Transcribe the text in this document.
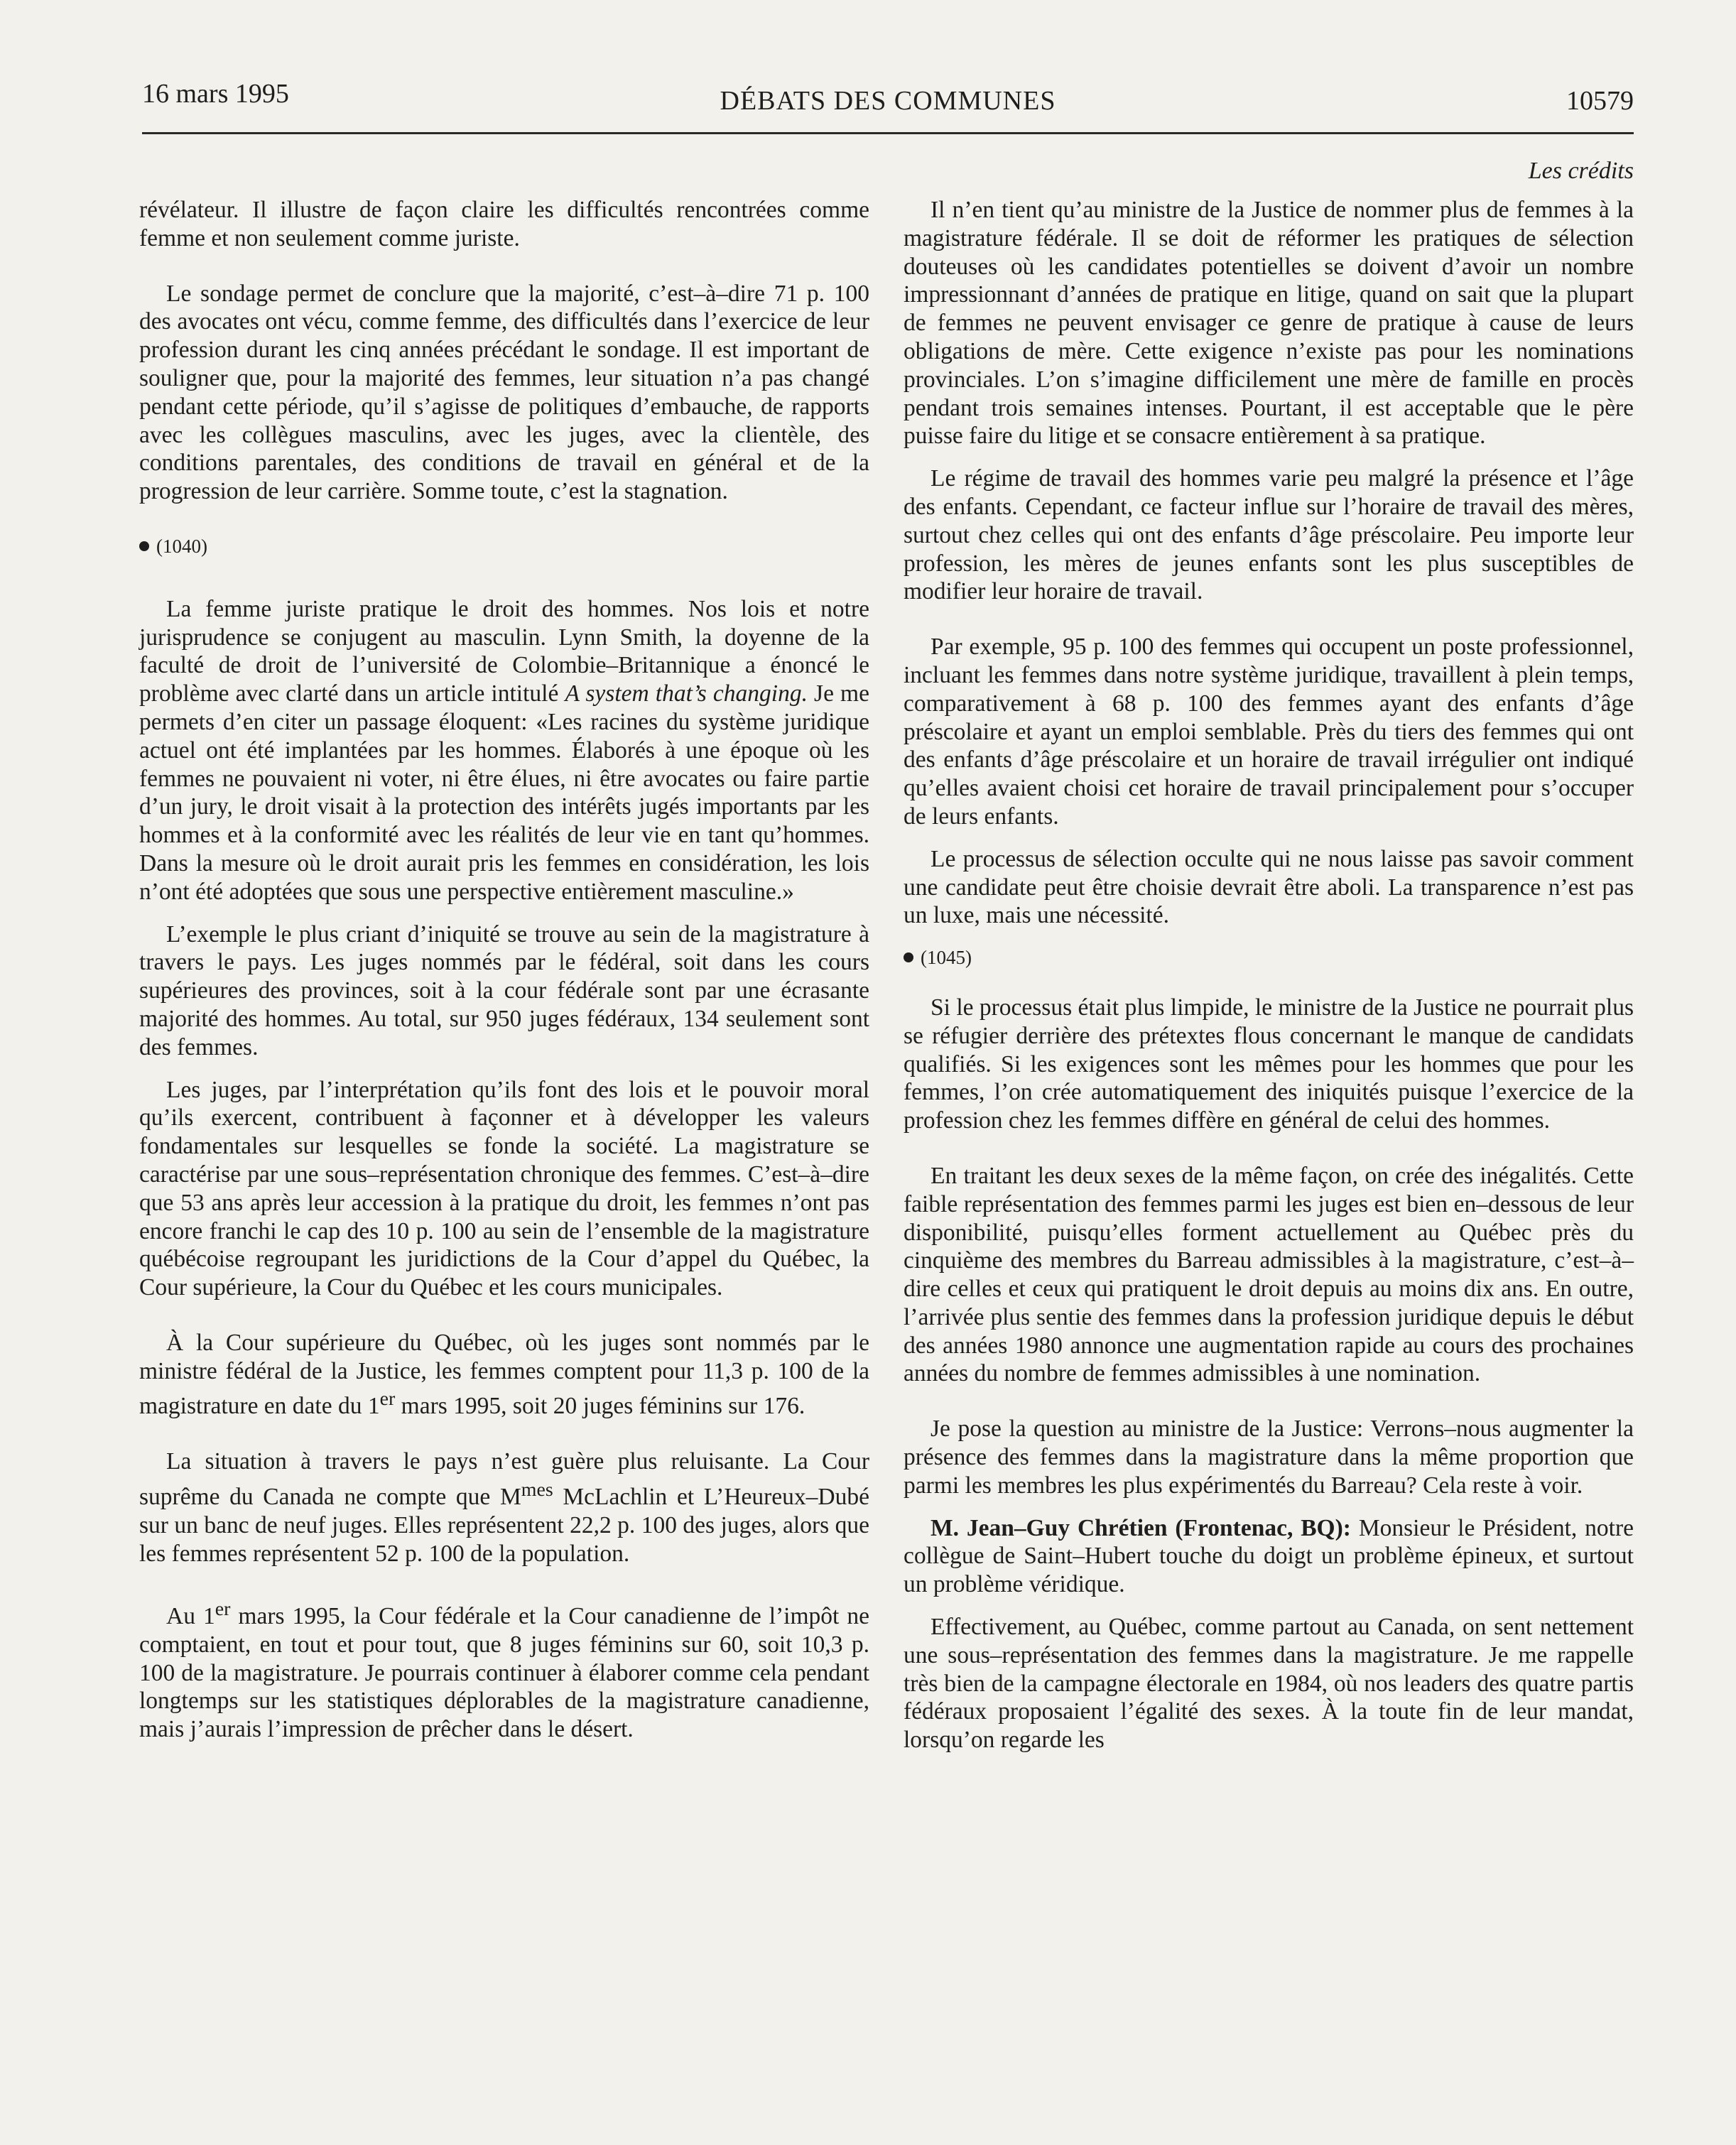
16 mars 1995	DÉBATS DES COMMUNES	10579
Les crédits

révélateur. Il illustre de façon claire les difficultés rencontrées comme femme et non seulement comme juriste.

Le sondage permet de conclure que la majorité, c’est–à–dire 71 p. 100 des avocates ont vécu, comme femme, des difficultés dans l’exercice de leur profession durant les cinq années précédant le sondage. Il est important de souligner que, pour la majorité des femmes, leur situation n’a pas changé pendant cette période, qu’il s’agisse de politiques d’embauche, de rapports avec les collègues masculins, avec les juges, avec la clientèle, des conditions parentales, des conditions de travail en général et de la progression de leur carrière. Somme toute, c’est la stagnation.

(1040)

La femme juriste pratique le droit des hommes. Nos lois et notre jurisprudence se conjugent au masculin. Lynn Smith, la doyenne de la faculté de droit de l’université de Colombie–Britannique a énoncé le problème avec clarté dans un article intitulé A system that’s changing. Je me permets d’en citer un passage éloquent: «Les racines du système juridique actuel ont été implantées par les hommes. Élaborés à une époque où les femmes ne pouvaient ni voter, ni être élues, ni être avocates ou faire partie d’un jury, le droit visait à la protection des intérêts jugés importants par les hommes et à la conformité avec les réalités de leur vie en tant qu’hommes. Dans la mesure où le droit aurait pris les femmes en considération, les lois n’ont été adoptées que sous une perspective entièrement masculine.»

L’exemple le plus criant d’iniquité se trouve au sein de la magistrature à travers le pays. Les juges nommés par le fédéral, soit dans les cours supérieures des provinces, soit à la cour fédérale sont par une écrasante majorité des hommes. Au total, sur 950 juges fédéraux, 134 seulement sont des femmes.

Les juges, par l’interprétation qu’ils font des lois et le pouvoir moral qu’ils exercent, contribuent à façonner et à développer les valeurs fondamentales sur lesquelles se fonde la société. La magistrature se caractérise par une sous–représentation chronique des femmes. C’est–à–dire que 53 ans après leur accession à la pratique du droit, les femmes n’ont pas encore franchi le cap des 10 p. 100 au sein de l’ensemble de la magistrature québécoise regroupant les juridictions de la Cour d’appel du Québec, la Cour supérieure, la Cour du Québec et les cours municipales.

À la Cour supérieure du Québec, où les juges sont nommés par le ministre fédéral de la Justice, les femmes comptent pour 11,3 p. 100 de la magistrature en date du 1er mars 1995, soit 20 juges féminins sur 176.

La situation à travers le pays n’est guère plus reluisante. La Cour suprême du Canada ne compte que $M^{mes}$ McLachlin et L’Heureux–Dubé sur un banc de neuf juges. Elles représentent 22,2 p. 100 des juges, alors que les femmes représentent 52 p. 100 de la population.

Au 1er mars 1995, la Cour fédérale et la Cour canadienne de l’impôt ne comptaient, en tout et pour tout, que 8 juges féminins sur 60, soit 10,3 p. 100 de la magistrature. Je pourrais continuer à élaborer comme cela pendant longtemps sur les statistiques déplorables de la magistrature canadienne, mais j’aurais l’impression de prêcher dans le désert.

Il n’en tient qu’au ministre de la Justice de nommer plus de femmes à la magistrature fédérale. Il se doit de réformer les pratiques de sélection douteuses où les candidates potentielles se doivent d’avoir un nombre impressionnant d’années de pratique en litige, quand on sait que la plupart de femmes ne peuvent envisager ce genre de pratique à cause de leurs obligations de mère. Cette exigence n’existe pas pour les nominations provinciales. L’on s’imagine difficilement une mère de famille en procès pendant trois semaines intenses. Pourtant, il est acceptable que le père puisse faire du litige et se consacre entièrement à sa pratique.

Le régime de travail des hommes varie peu malgré la présence et l’âge des enfants. Cependant, ce facteur influe sur l’horaire de travail des mères, surtout chez celles qui ont des enfants d’âge préscolaire. Peu importe leur profession, les mères de jeunes enfants sont les plus susceptibles de modifier leur horaire de travail.

Par exemple, 95 p. 100 des femmes qui occupent un poste professionnel, incluant les femmes dans notre système juridique, travaillent à plein temps, comparativement à 68 p. 100 des femmes ayant des enfants d’âge préscolaire et ayant un emploi semblable. Près du tiers des femmes qui ont des enfants d’âge préscolaire et un horaire de travail irrégulier ont indiqué qu’elles avaient choisi cet horaire de travail principalement pour s’occuper de leurs enfants.

Le processus de sélection occulte qui ne nous laisse pas savoir comment une candidate peut être choisie devrait être aboli. La transparence n’est pas un luxe, mais une nécessité.

(1045)

Si le processus était plus limpide, le ministre de la Justice ne pourrait plus se réfugier derrière des prétextes flous concernant le manque de candidats qualifiés. Si les exigences sont les mêmes pour les hommes que pour les femmes, l’on crée automatiquement des iniquités puisque l’exercice de la profession chez les femmes diffère en général de celui des hommes.

En traitant les deux sexes de la même façon, on crée des inégalités. Cette faible représentation des femmes parmi les juges est bien en–dessous de leur disponibilité, puisqu’elles forment actuellement au Québec près du cinquième des membres du Barreau admissibles à la magistrature, c’est–à–dire celles et ceux qui pratiquent le droit depuis au moins dix ans. En outre, l’arrivée plus sentie des femmes dans la profession juridique depuis le début des années 1980 annonce une augmentation rapide au cours des prochaines années du nombre de femmes admissibles à une nomination.

Je pose la question au ministre de la Justice: Verrons–nous augmenter la présence des femmes dans la magistrature dans la même proportion que parmi les membres les plus expérimentés du Barreau? Cela reste à voir.

M. Jean–Guy Chrétien (Frontenac, BQ): Monsieur le Président, notre collègue de Saint–Hubert touche du doigt un problème épineux, et surtout un problème véridique.

Effectivement, au Québec, comme partout au Canada, on sent nettement une sous–représentation des femmes dans la magistrature. Je me rappelle très bien de la campagne électorale en 1984, où nos leaders des quatre partis fédéraux proposaient l’égalité des sexes. À la toute fin de leur mandat, lorsqu’on regarde les
